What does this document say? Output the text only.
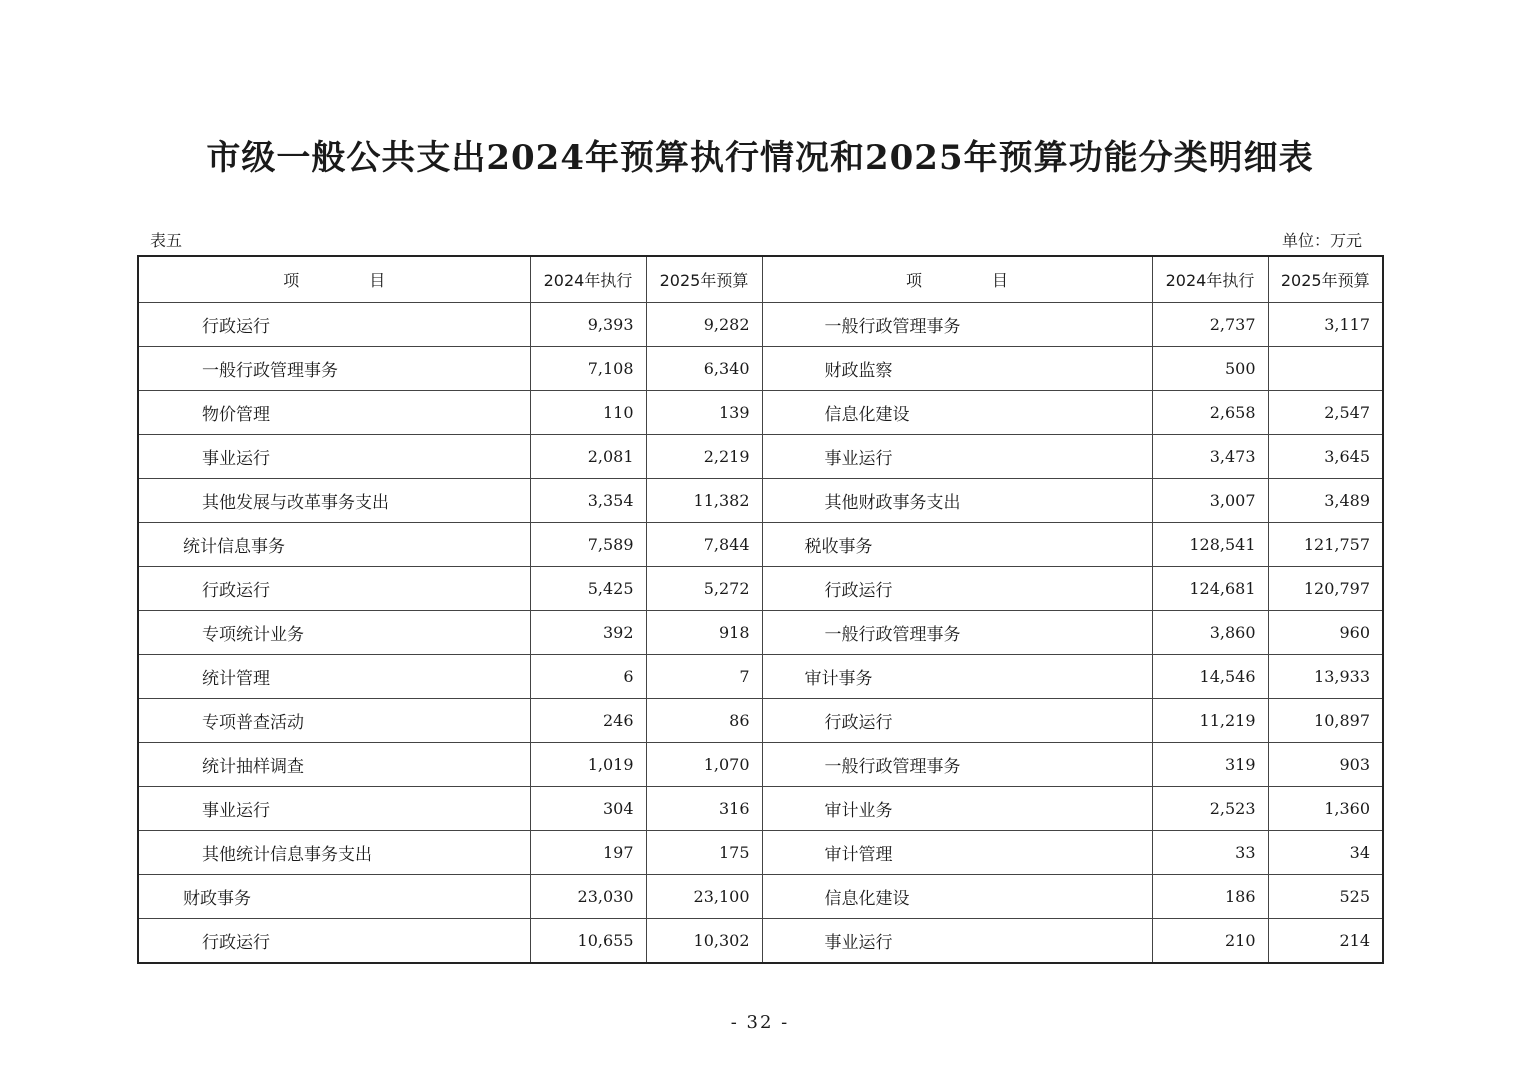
市级一般公共支出2024年预算执行情况和2025年预算功能分类明细表
表五	单位：万元
项 目	2024年执行	2025年预算	项 目	2024年执行	2025年预算
行政运行	9,393	9,282	一般行政管理事务	2,737	3,117
一般行政管理事务	7,108	6,340	财政监察	500	
物价管理	110	139	信息化建设	2,658	2,547
事业运行	2,081	2,219	事业运行	3,473	3,645
其他发展与改革事务支出	3,354	11,382	其他财政事务支出	3,007	3,489
统计信息事务	7,589	7,844	税收事务	128,541	121,757
行政运行	5,425	5,272	行政运行	124,681	120,797
专项统计业务	392	918	一般行政管理事务	3,860	960
统计管理	6	7	审计事务	14,546	13,933
专项普查活动	246	86	行政运行	11,219	10,897
统计抽样调查	1,019	1,070	一般行政管理事务	319	903
事业运行	304	316	审计业务	2,523	1,360
其他统计信息事务支出	197	175	审计管理	33	34
财政事务	23,030	23,100	信息化建设	186	525
行政运行	10,655	10,302	事业运行	210	214
- 32 -
